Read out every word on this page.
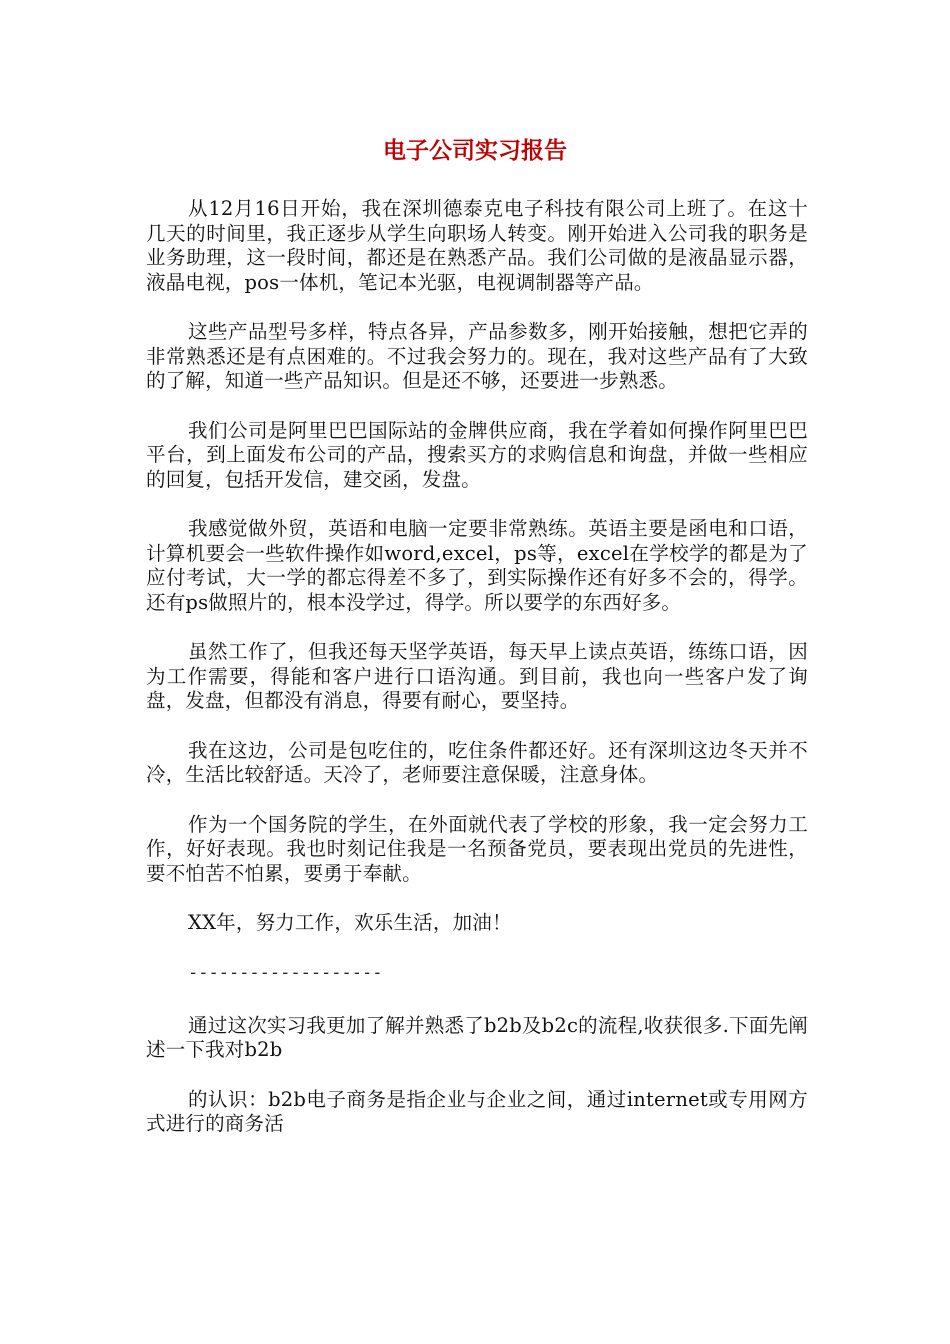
电子公司实习报告

从12月16日开始，我在深圳德泰克电子科技有限公司上班了。在这十几天的时间里，我正逐步从学生向职场人转变。刚开始进入公司我的职务是业务助理，这一段时间，都还是在熟悉产品。我们公司做的是液晶显示器，液晶电视，pos一体机，笔记本光驱，电视调制器等产品。

这些产品型号多样，特点各异，产品参数多，刚开始接触，想把它弄的非常熟悉还是有点困难的。不过我会努力的。现在，我对这些产品有了大致的了解，知道一些产品知识。但是还不够，还要进一步熟悉。

我们公司是阿里巴巴国际站的金牌供应商，我在学着如何操作阿里巴巴平台，到上面发布公司的产品，搜索买方的求购信息和询盘，并做一些相应的回复，包括开发信，建交函，发盘。

我感觉做外贸，英语和电脑一定要非常熟练。英语主要是函电和口语，计算机要会一些软件操作如word,excel，ps等，excel在学校学的都是为了应付考试，大一学的都忘得差不多了，到实际操作还有好多不会的，得学。还有ps做照片的，根本没学过，得学。所以要学的东西好多。

虽然工作了，但我还每天坚学英语，每天早上读点英语，练练口语，因为工作需要，得能和客户进行口语沟通。到目前，我也向一些客户发了询盘，发盘，但都没有消息，得要有耐心，要坚持。

我在这边，公司是包吃住的，吃住条件都还好。还有深圳这边冬天并不冷，生活比较舒适。天冷了，老师要注意保暖，注意身体。

作为一个国务院的学生，在外面就代表了学校的形象，我一定会努力工作，好好表现。我也时刻记住我是一名预备党员，要表现出党员的先进性，要不怕苦不怕累，要勇于奉献。

XX年，努力工作，欢乐生活，加油！

-------------------

通过这次实习我更加了解并熟悉了b2b及b2c的流程,收获很多.下面先阐述一下我对b2b

的认识：b2b电子商务是指企业与企业之间，通过internet或专用网方式进行的商务活
